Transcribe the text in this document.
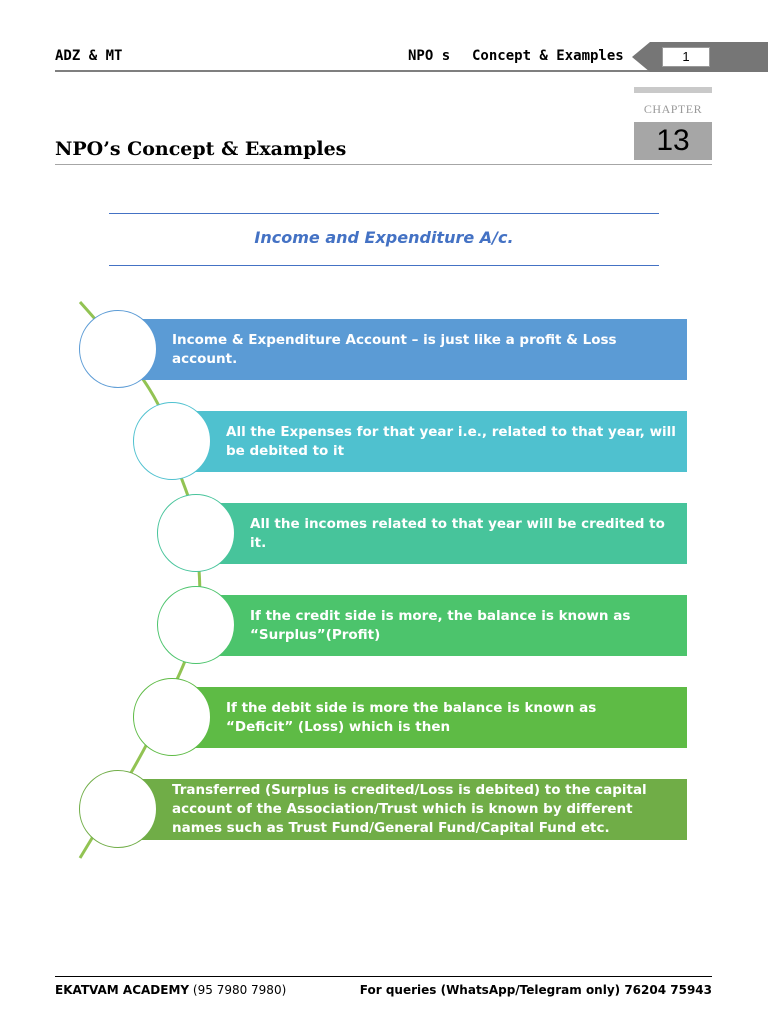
ADZ & MT	NPO s Concept & Examples	1
CHAPTER
13
NPO’s Concept & Examples
Income and Expenditure A/c.
Income & Expenditure Account – is just like a profit & Loss account.
All the Expenses for that year i.e., related to that year, will be debited to it
All the incomes related to that year will be credited to it.
If the credit side is more, the balance is known as “Surplus”(Profit)
If the debit side is more the balance is known as “Deficit” (Loss) which is then
Transferred (Surplus is credited/Loss is debited) to the capital account of the Association/Trust which is known by different names such as Trust Fund/General Fund/Capital Fund etc.
EKATVAM ACADEMY (95 7980 7980)	For queries (WhatsApp/Telegram only) 76204 75943
